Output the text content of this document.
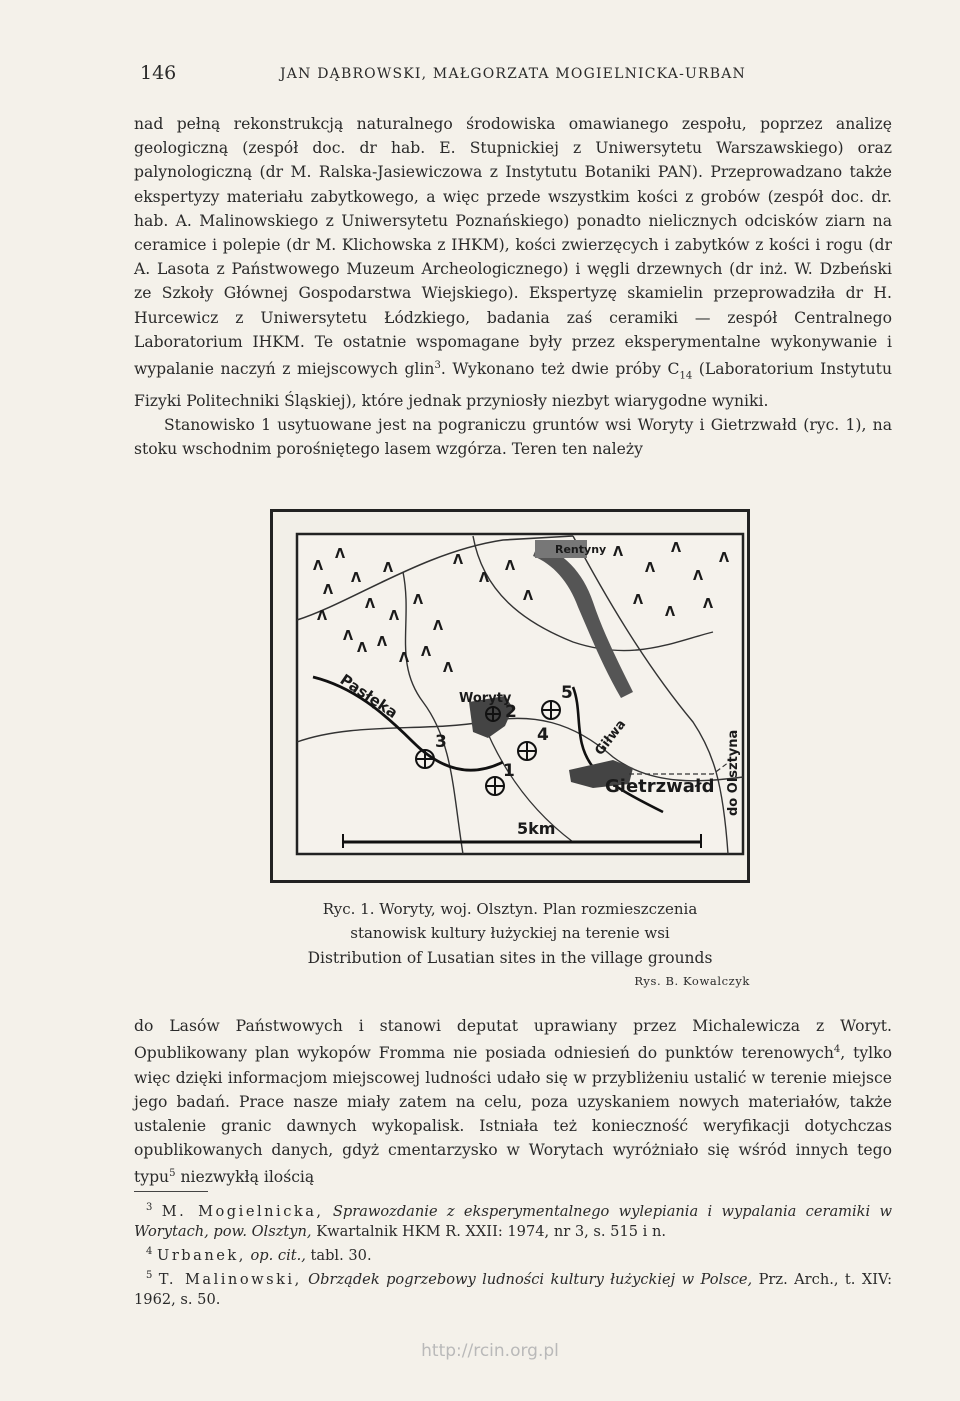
146	JAN DĄBROWSKI, MAŁGORZATA MOGIELNICKA-URBAN

nad pełną rekonstrukcją naturalnego środowiska omawianego zespołu, poprzez analizę geologiczną (zespół doc. dr hab. E. Stupnickiej z Uniwersytetu Warszawskiego) oraz palynologiczną (dr M. Ralska-Jasiewiczowa z Instytutu Botaniki PAN). Przeprowadzano także ekspertyzy materiału zabytkowego, a więc przede wszystkim kości z grobów (zespół doc. dr. hab. A. Malinowskiego z Uniwersytetu Poznańskiego) ponadto nielicznych odcisków ziarn na ceramice i polepie (dr M. Klichowska z IHKM), kości zwierzęcych i zabytków z kości i rogu (dr A. Lasota z Państwowego Muzeum Archeologicznego) i węgli drzewnych (dr inż. W. Dzbeński ze Szkoły Głównej Gospodarstwa Wiejskiego). Ekspertyzę skamielin przeprowadziła dr H. Hurcewicz z Uniwersytetu Łódzkiego, badania zaś ceramiki — zespół Centralnego Laboratorium IHKM. Te ostatnie wspomagane były przez eksperymentalne wykonywanie i wypalanie naczyń z miejscowych glin$^3$. Wykonano też dwie próby $C_{14}$ (Laboratorium Instytutu Fizyki Politechniki Śląskiej), które jednak przyniosły niezbyt wiarygodne wyniki.

Stanowisko 1 usytuowane jest na pograniczu gruntów wsi Woryty i Gietrzwałd (ryc. 1), na stoku wschodnim porośniętego lasem wzgórza. Teren ten należy

Λ
Λ
Λ
Λ
Λ
Λ
Λ
Λ
Λ
Λ
Λ
Λ Λ
Λ Λ
Λ
Λ
Λ
Λ
Λ
Λ
Λ
Λ
Λ
Λ
Λ
Λ
Λ
Rentyny
Woryty
Pasłęka
Giłwa
Gietrzwałd do Olsztyna
1
2
3	4
5
5km
Ryc. 1. Woryty, woj. Olsztyn. Plan rozmieszczenia
stanowisk kultury łużyckiej na terenie wsi
Distribution of Lusatian sites in the village grounds
Rys. B. Kowalczyk

do Lasów Państwowych i stanowi deputat uprawiany przez Michalewicza z Woryt. Opublikowany plan wykopów Fromma nie posiada odniesień do punktów terenowych$^4$, tylko więc dzięki informacjom miejscowej ludności udało się w przybliżeniu ustalić w terenie miejsce jego badań. Prace nasze miały zatem na celu, poza uzyskaniem nowych materiałów, także ustalenie granic dawnych wykopalisk. Istniała też konieczność weryfikacji dotychczas opublikowanych danych, gdyż cmentarzysko w Worytach wyróżniało się wśród innych tego typu$^5$ niezwykłą ilością

$^3$ M. Mogielnicka, Sprawozdanie z eksperymentalnego wylepiania i wypalania ceramiki w Worytach, pow. Olsztyn, Kwartalnik HKM R. XXII: 1974, nr 3, s. 515 i n.

$^4$ Urbanek, op. cit., tabl. 30.

$^5$ T. Malinowski, Obrządek pogrzebowy ludności kultury łużyckiej w Polsce, Prz. Arch., t. XIV: 1962, s. 50.

http://rcin.org.pl
